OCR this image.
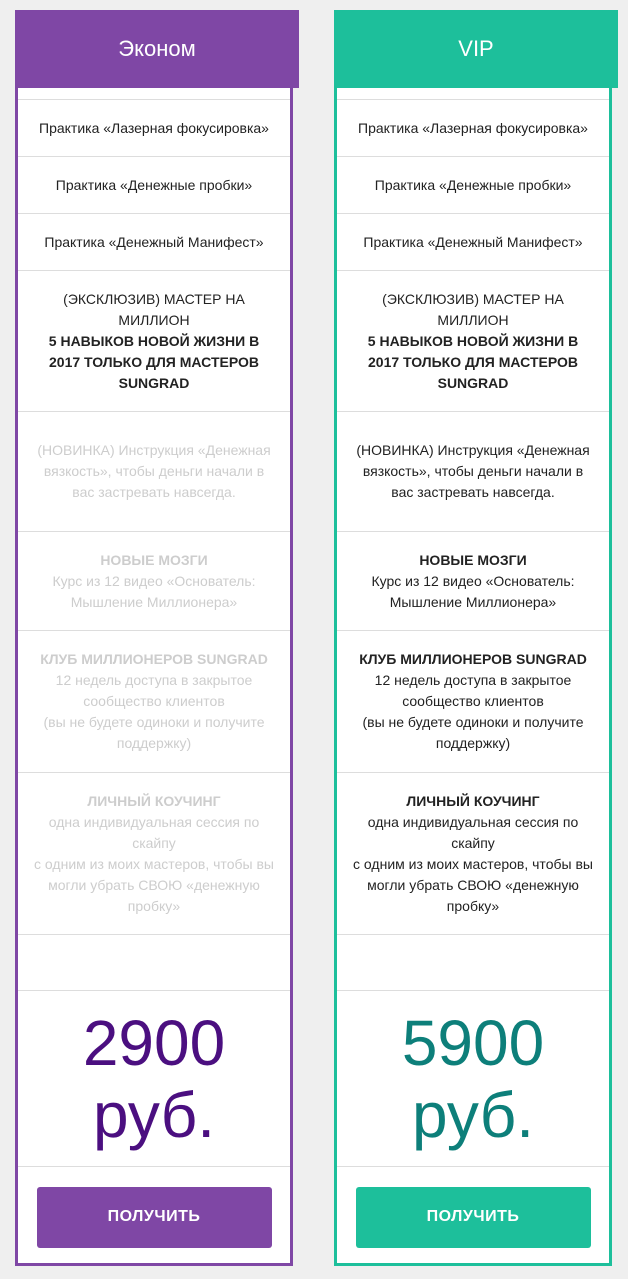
Эконом
Практика «Лазерная фокусировка»
Практика «Денежные пробки»
Практика «Денежный Манифест»
(ЭКСКЛЮЗИВ) МАСТЕР НА МИЛЛИОН
5 НАВЫКОВ НОВОЙ ЖИЗНИ В 2017 ТОЛЬКО ДЛЯ МАСТЕРОВ SUNGRAD
(НОВИНКА) Инструкция «Денежная вязкость», чтобы деньги начали в вас застревать навсегда.
НОВЫЕ МОЗГИ
Курс из 12 видео «Основатель: Мышление Миллионера»
КЛУБ МИЛЛИОНЕРОВ SUNGRAD
12 недель доступа в закрытое сообщество клиентов
(вы не будете одиноки и получите поддержку)
ЛИЧНЫЙ КОУЧИНГ
одна индивидуальная сессия по скайпу
с одним из моих мастеров, чтобы вы могли убрать СВОЮ «денежную пробку»
2900
руб.
ПОЛУЧИТЬ
VIP
Практика «Лазерная фокусировка»
Практика «Денежные пробки»
Практика «Денежный Манифест»
(ЭКСКЛЮЗИВ) МАСТЕР НА МИЛЛИОН
5 НАВЫКОВ НОВОЙ ЖИЗНИ В 2017 ТОЛЬКО ДЛЯ МАСТЕРОВ SUNGRAD
(НОВИНКА) Инструкция «Денежная вязкость», чтобы деньги начали в вас застревать навсегда.
НОВЫЕ МОЗГИ
Курс из 12 видео «Основатель: Мышление Миллионера»
КЛУБ МИЛЛИОНЕРОВ SUNGRAD
12 недель доступа в закрытое сообщество клиентов
(вы не будете одиноки и получите поддержку)
ЛИЧНЫЙ КОУЧИНГ
одна индивидуальная сессия по скайпу
с одним из моих мастеров, чтобы вы могли убрать СВОЮ «денежную пробку»
5900
руб.
ПОЛУЧИТЬ
